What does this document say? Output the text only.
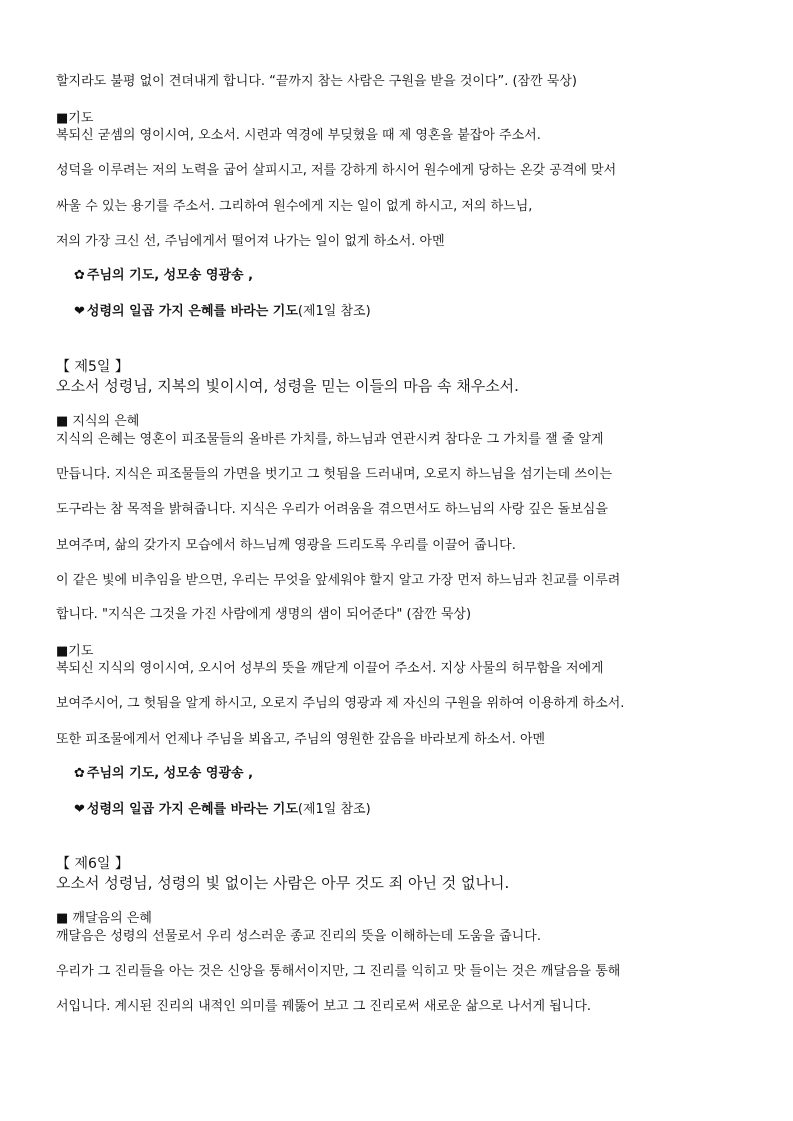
할지라도 불평 없이 견뎌내게 합니다. “끝까지 참는 사람은 구원을 받을 것이다”. (잠깐 묵상)
■기도
복되신 굳셈의 영이시여, 오소서. 시련과 역경에 부딪혔을 때 제 영혼을 붙잡아 주소서.
성덕을 이루려는 저의 노력을 굽어 살피시고, 저를 강하게 하시어 원수에게 당하는 온갖 공격에 맞서
싸울 수 있는 용기를 주소서. 그리하여 원수에게 지는 일이 없게 하시고, 저의 하느님,
저의 가장 크신 선, 주님에게서 떨어져 나가는 일이 없게 하소서. 아멘
✿ 주님의 기도, 성모송 영광송 ,
❤ 성령의 일곱 가지 은혜를 바라는 기도(제1일 참조)
【 제5일 】
오소서 성령님, 지복의 빛이시여, 성령을 믿는 이들의 마음 속 채우소서.
■ 지식의 은혜
지식의 은혜는 영혼이 피조물들의 올바른 가치를, 하느님과 연관시켜 참다운 그 가치를 잴 줄 알게
만듭니다. 지식은 피조물들의 가면을 벗기고 그 헛됨을 드러내며, 오로지 하느님을 섬기는데 쓰이는
도구라는 참 목적을 밝혀줍니다. 지식은 우리가 어려움을 겪으면서도 하느님의 사랑 깊은 돌보심을
보여주며, 삶의 갖가지 모습에서 하느님께 영광을 드리도록 우리를 이끌어 줍니다.
이 같은 빛에 비추임을 받으면, 우리는 무엇을 앞세워야 할지 알고 가장 먼저 하느님과 친교를 이루려
합니다. "지식은 그것을 가진 사람에게 생명의 샘이 되어준다" (잠깐 묵상)
■기도
복되신 지식의 영이시여, 오시어 성부의 뜻을 깨닫게 이끌어 주소서. 지상 사물의 허무함을 저에게
보여주시어, 그 헛됨을 알게 하시고, 오로지 주님의 영광과 제 자신의 구원을 위하여 이용하게 하소서.
또한 피조물에게서 언제나 주님을 뵈옵고, 주님의 영원한 갚음을 바라보게 하소서. 아멘
✿ 주님의 기도, 성모송 영광송 ,
❤ 성령의 일곱 가지 은혜를 바라는 기도(제1일 참조)
【 제6일 】
오소서 성령님, 성령의 빛 없이는 사람은 아무 것도 죄 아닌 것 없나니.
■ 깨달음의 은혜
깨달음은 성령의 선물로서 우리 성스러운 종교 진리의 뜻을 이해하는데 도움을 줍니다.
우리가 그 진리들을 아는 것은 신앙을 통해서이지만, 그 진리를 익히고 맛 들이는 것은 깨달음을 통해
서입니다. 계시된 진리의 내적인 의미를 꿰뚫어 보고 그 진리로써 새로운 삶으로 나서게 됩니다.
